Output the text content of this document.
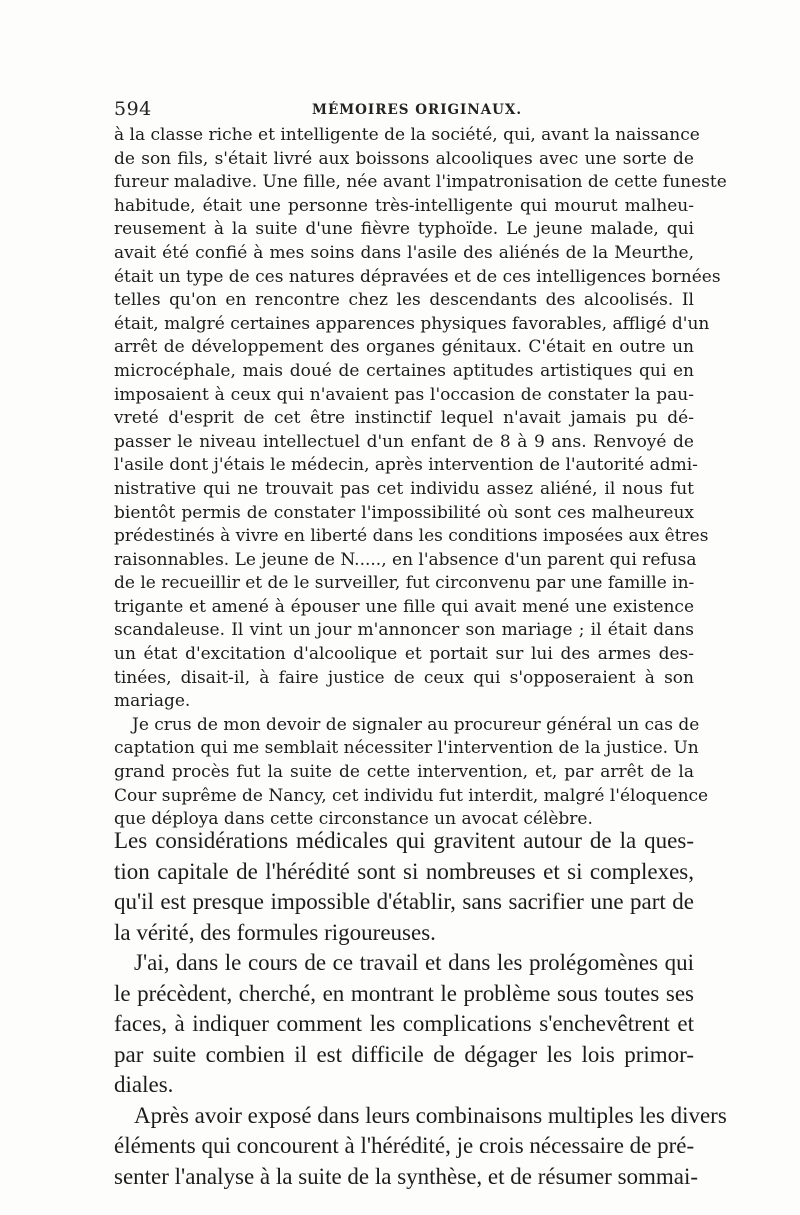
594	MÉMOIRES ORIGINAUX.
à la classe riche et intelligente de la société, qui, avant la naissance
de son fils, s'était livré aux boissons alcooliques avec une sorte de
fureur maladive. Une fille, née avant l'impatronisation de cette funeste
habitude, était une personne très-intelligente qui mourut malheu-
reusement à la suite d'une fièvre typhoïde. Le jeune malade, qui
avait été confié à mes soins dans l'asile des aliénés de la Meurthe,
était un type de ces natures dépravées et de ces intelligences bornées
telles qu'on en rencontre chez les descendants des alcoolisés. Il
était, malgré certaines apparences physiques favorables, affligé d'un
arrêt de développement des organes génitaux. C'était en outre un
microcéphale, mais doué de certaines aptitudes artistiques qui en
imposaient à ceux qui n'avaient pas l'occasion de constater la pau-
vreté d'esprit de cet être instinctif lequel n'avait jamais pu dé-
passer le niveau intellectuel d'un enfant de 8 à 9 ans. Renvoyé de
l'asile dont j'étais le médecin, après intervention de l'autorité admi-
nistrative qui ne trouvait pas cet individu assez aliéné, il nous fut
bientôt permis de constater l'impossibilité où sont ces malheureux
prédestinés à vivre en liberté dans les conditions imposées aux êtres
raisonnables. Le jeune de N....., en l'absence d'un parent qui refusa
de le recueillir et de le surveiller, fut circonvenu par une famille in-
trigante et amené à épouser une fille qui avait mené une existence
scandaleuse. Il vint un jour m'annoncer son mariage ; il était dans
un état d'excitation d'alcoolique et portait sur lui des armes des-
tinées, disait-il, à faire justice de ceux qui s'opposeraient à son
mariage.
Je crus de mon devoir de signaler au procureur général un cas de
captation qui me semblait nécessiter l'intervention de la justice. Un
grand procès fut la suite de cette intervention, et, par arrêt de la
Cour suprême de Nancy, cet individu fut interdit, malgré l'éloquence
que déploya dans cette circonstance un avocat célèbre.
Les considérations médicales qui gravitent autour de la ques-
tion capitale de l'hérédité sont si nombreuses et si complexes,
qu'il est presque impossible d'établir, sans sacrifier une part de
la vérité, des formules rigoureuses.
J'ai, dans le cours de ce travail et dans les prolégomènes qui
le précèdent, cherché, en montrant le problème sous toutes ses
faces, à indiquer comment les complications s'enchevêtrent et
par suite combien il est difficile de dégager les lois primor-
diales.
Après avoir exposé dans leurs combinaisons multiples les divers
éléments qui concourent à l'hérédité, je crois nécessaire de pré-
senter l'analyse à la suite de la synthèse, et de résumer sommai-
